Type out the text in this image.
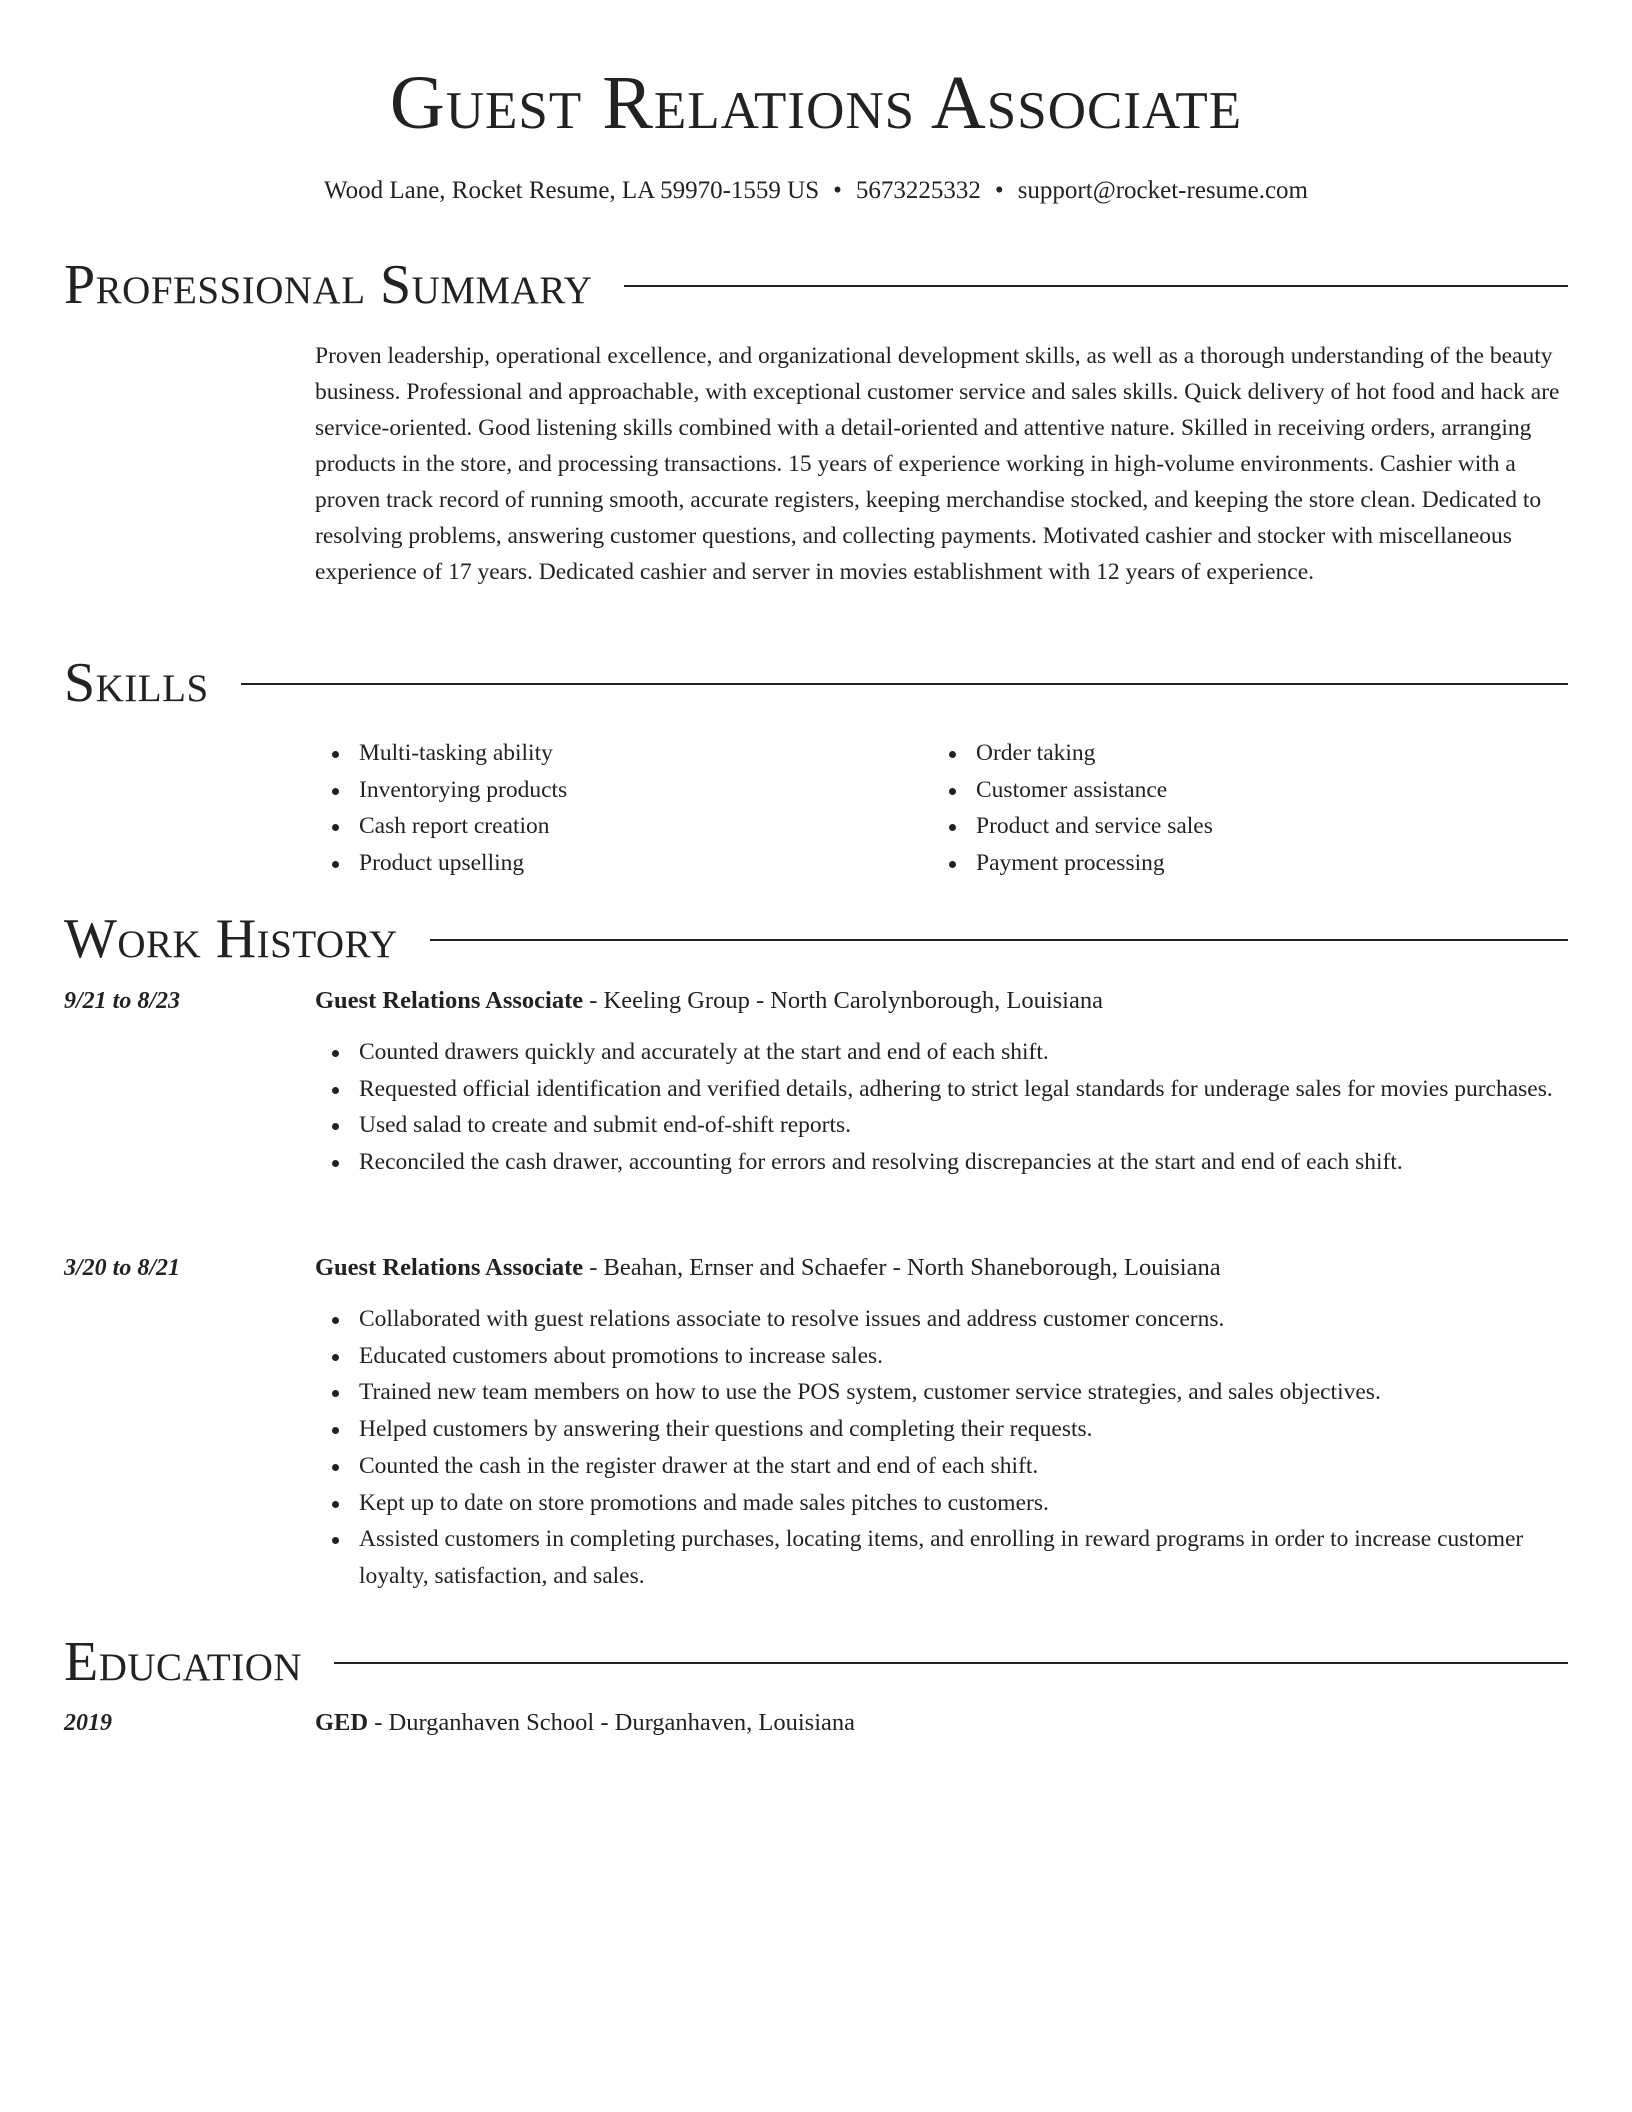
Guest Relations Associate
Wood Lane, Rocket Resume, LA 59970-1559 US • 5673225332 • support@rocket-resume.com
Professional Summary

Proven leadership, operational excellence, and organizational development skills, as well as a thorough understanding of the beauty business. Professional and approachable, with exceptional customer service and sales skills. Quick delivery of hot food and hack are service-oriented. Good listening skills combined with a detail-oriented and attentive nature. Skilled in receiving orders, arranging products in the store, and processing transactions. 15 years of experience working in high-volume environments. Cashier with a proven track record of running smooth, accurate registers, keeping merchandise stocked, and keeping the store clean. Dedicated to resolving problems, answering customer questions, and collecting payments. Motivated cashier and stocker with miscellaneous experience of 17 years. Dedicated cashier and server in movies establishment with 12 years of experience.

Skills
Multi-tasking ability
Inventorying products
Cash report creation
Product upselling
Order taking
Customer assistance
Product and service sales
Payment processing
Work History
9/21 to 8/23	Guest Relations Associate - Keeling Group - North Carolynborough, Louisiana
Counted drawers quickly and accurately at the start and end of each shift.
Requested official identification and verified details, adhering to strict legal standards for underage sales for movies purchases.
Used salad to create and submit end-of-shift reports.
Reconciled the cash drawer, accounting for errors and resolving discrepancies at the start and end of each shift.
3/20 to 8/21	Guest Relations Associate - Beahan, Ernser and Schaefer - North Shaneborough, Louisiana
Collaborated with guest relations associate to resolve issues and address customer concerns.
Educated customers about promotions to increase sales.
Trained new team members on how to use the POS system, customer service strategies, and sales objectives.
Helped customers by answering their questions and completing their requests.
Counted the cash in the register drawer at the start and end of each shift.
Kept up to date on store promotions and made sales pitches to customers.
Assisted customers in completing purchases, locating items, and enrolling in reward programs in order to increase customer loyalty, satisfaction, and sales.
Education
2019	GED - Durganhaven School - Durganhaven, Louisiana
